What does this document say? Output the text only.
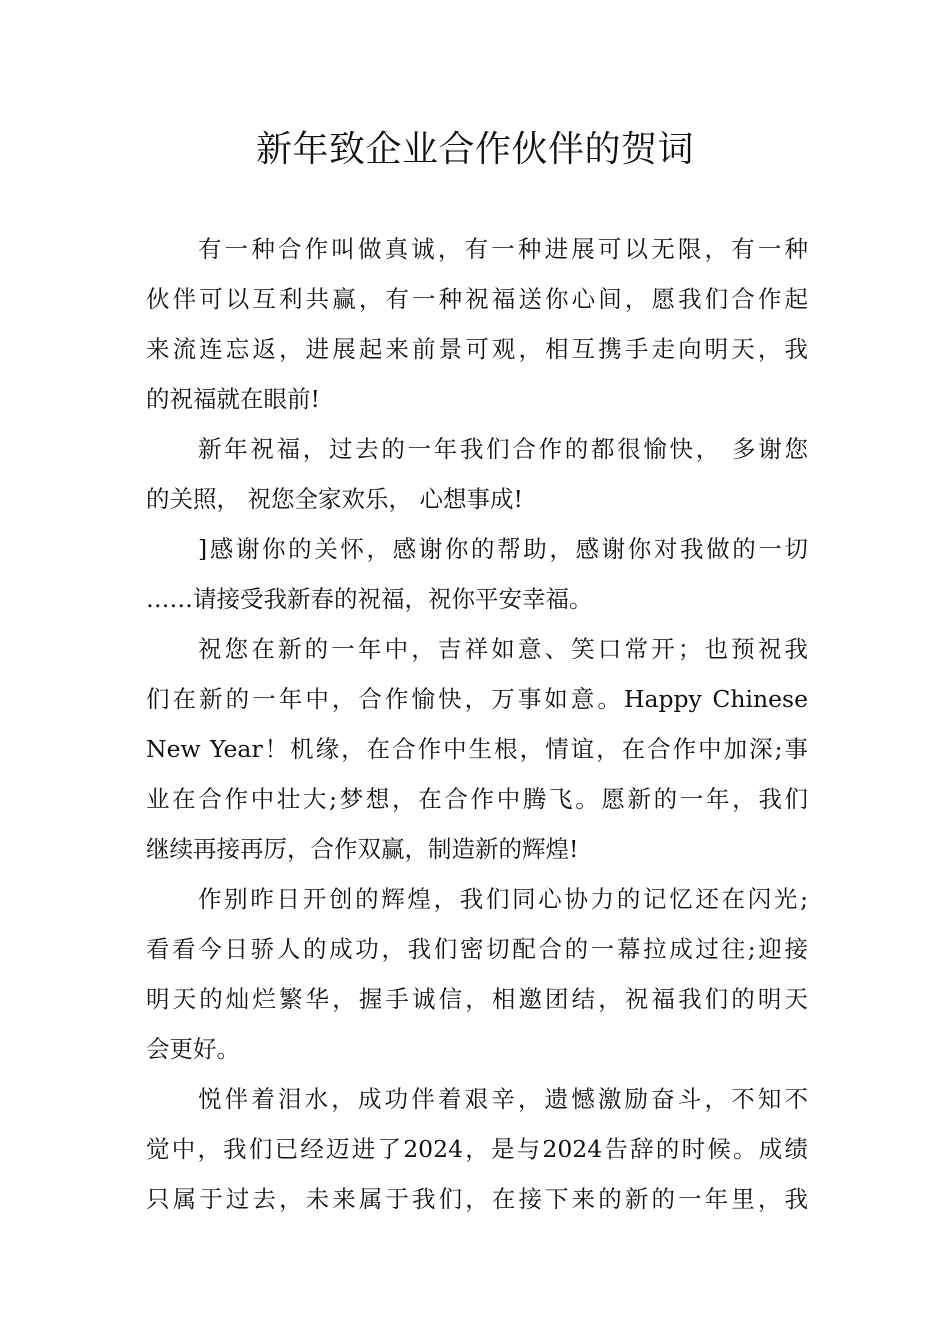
新年致企业合作伙伴的贺词
有一种合作叫做真诚，有一种进展可以无限，有一种
伙伴可以互利共赢，有一种祝福送你心间，愿我们合作起
来流连忘返，进展起来前景可观，相互携手走向明天，我
的祝福就在眼前!
新年祝福，过去的一年我们合作的都很愉快， 多谢您
的关照， 祝您全家欢乐， 心想事成!
]感谢你的关怀，感谢你的帮助，感谢你对我做的一切
……请接受我新春的祝福，祝你平安幸福。
祝您在新的一年中，吉祥如意、笑口常开；也预祝我
们在新的一年中，合作愉快，万事如意。Happy Chinese
New Year！机缘，在合作中生根，情谊，在合作中加深;事
业在合作中壮大;梦想，在合作中腾飞。愿新的一年，我们
继续再接再厉，合作双赢，制造新的辉煌!
作别昨日开创的辉煌，我们同心协力的记忆还在闪光;
看看今日骄人的成功，我们密切配合的一幕拉成过往;迎接
明天的灿烂繁华，握手诚信，相邀团结，祝福我们的明天
会更好。
悦伴着泪水，成功伴着艰辛，遗憾激励奋斗，不知不
觉中，我们已经迈进了2024，是与2024告辞的时候。成绩
只属于过去，未来属于我们，在接下来的新的一年里，我
